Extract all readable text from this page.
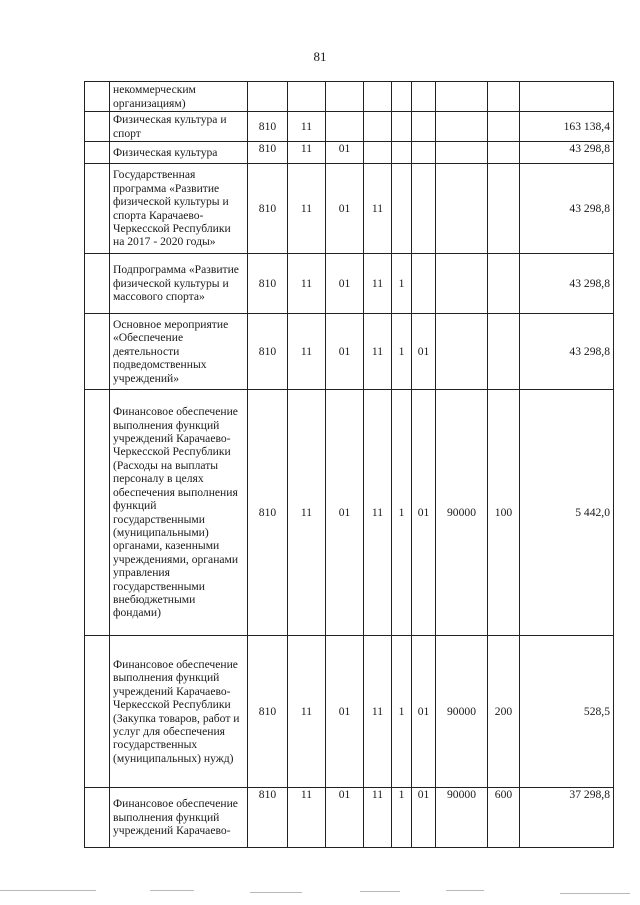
81
	некоммерческим организациям)									
	Физическая культура и спорт	810	11							163 138,4
	Физическая культура	810	11	01						43 298,8
	Государственная программа «Развитие физической культуры и спорта Карачаево-Черкесской Республики на 2017 - 2020 годы»	810	11	01	11					43 298,8
	Подпрограмма «Развитие физической культуры и массового спорта»	810	11	01	11	1				43 298,8
	Основное мероприятие «Обеспечение деятельности подведомственных учреждений»	810	11	01	11	1	01			43 298,8
	Финансовое обеспечение выполнения функций учреждений Карачаево-Черкесской Республики (Расходы на выплаты персоналу в целях обеспечения выполнения функций государственными (муниципальными) органами, казенными учреждениями, органами управления государственными внебюджетными фондами)	810	11	01	11	1	01	90000	100	5 442,0
	Финансовое обеспечение выполнения функций учреждений Карачаево-Черкесской Республики (Закупка товаров, работ и услуг для обеспечения государственных (муниципальных) нужд)	810	11	01	11	1	01	90000	200	528,5
	Финансовое обеспечение выполнения функций учреждений Карачаево-	810	11	01	11	1	01	90000	600	37 298,8
